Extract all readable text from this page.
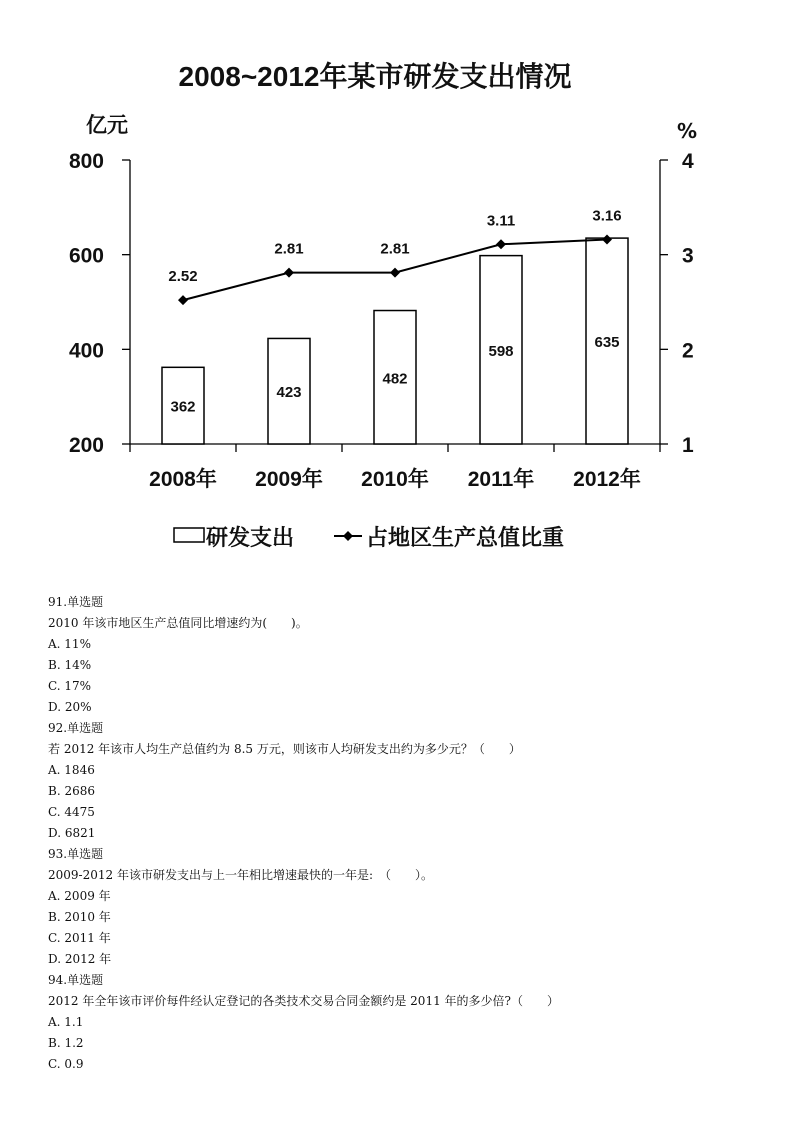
2008~2012年某市研发支出情况
亿元	%
200
400
600
800
1
2
3
4
2008年 2009年 2010年 2011年 2012年
362
423
482
598
635
2.52
2.81	2.81
3.11	3.16
研发支出	占地区生产总值比重
91.单选题
2010 年该市地区生产总值同比增速约为(　　)。
A. 11%
B. 14%
C. 17%
D. 20%
92.单选题
若 2012 年该市人均生产总值约为 8.5 万元，则该市人均研发支出约为多少元？（　　）
A. 1846
B. 2686
C. 4475
D. 6821
93.单选题
2009-2012 年该市研发支出与上一年相比增速最快的一年是:　（　　）。
A. 2009 年
B. 2010 年
C. 2011 年
D. 2012 年
94.单选题
2012 年全年该市评价每件经认定登记的各类技术交易合同金额约是 2011 年的多少倍?（　　）
A. 1.1
B. 1.2
C. 0.9
